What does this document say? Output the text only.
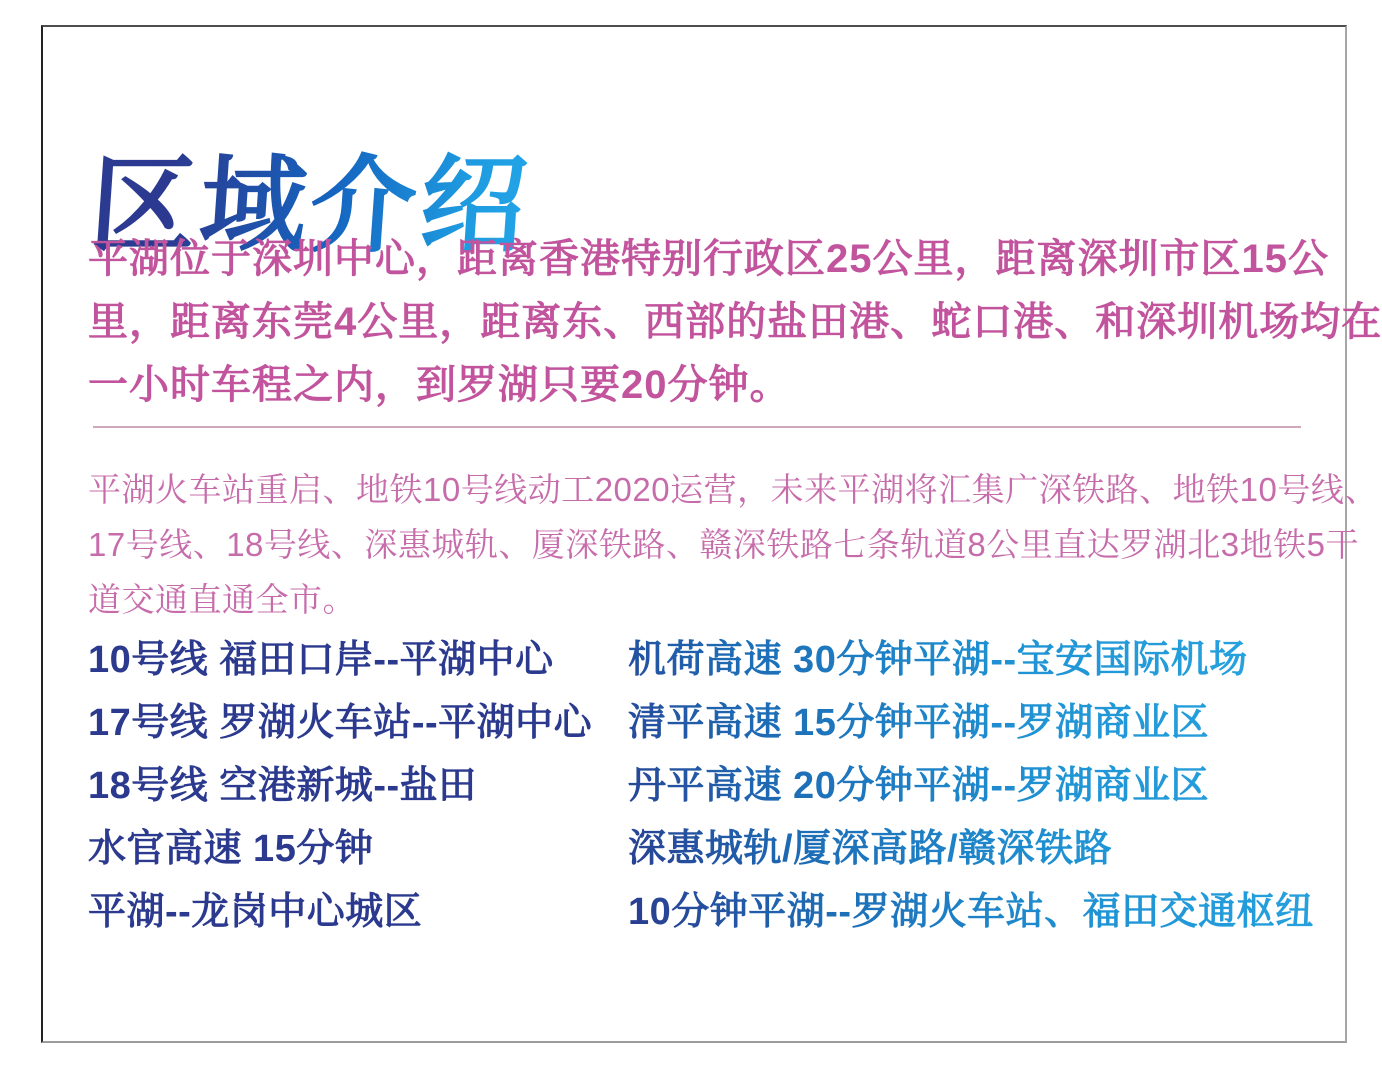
区域介绍
平湖位于深圳中心，距离香港特别行政区25公里，距离深圳市区15公
里，距离东莞4公里，距离东、西部的盐田港、蛇口港、和深圳机场均在
一小时车程之内，到罗湖只要20分钟。
平湖火车站重启、地铁10号线动工2020运营，未来平湖将汇集广深铁路、地铁10号线、
17号线、18号线、深惠城轨、厦深铁路、赣深铁路七条轨道8公里直达罗湖北3地铁5干
道交通直通全市。
10号线 福田口岸--平湖中心
17号线 罗湖火车站--平湖中心
18号线 空港新城--盐田
水官高速 15分钟
平湖--龙岗中心城区
机荷高速 30分钟平湖--宝安国际机场
清平高速 15分钟平湖--罗湖商业区
丹平高速 20分钟平湖--罗湖商业区
深惠城轨/厦深高路/赣深铁路
10分钟平湖--罗湖火车站、福田交通枢纽
